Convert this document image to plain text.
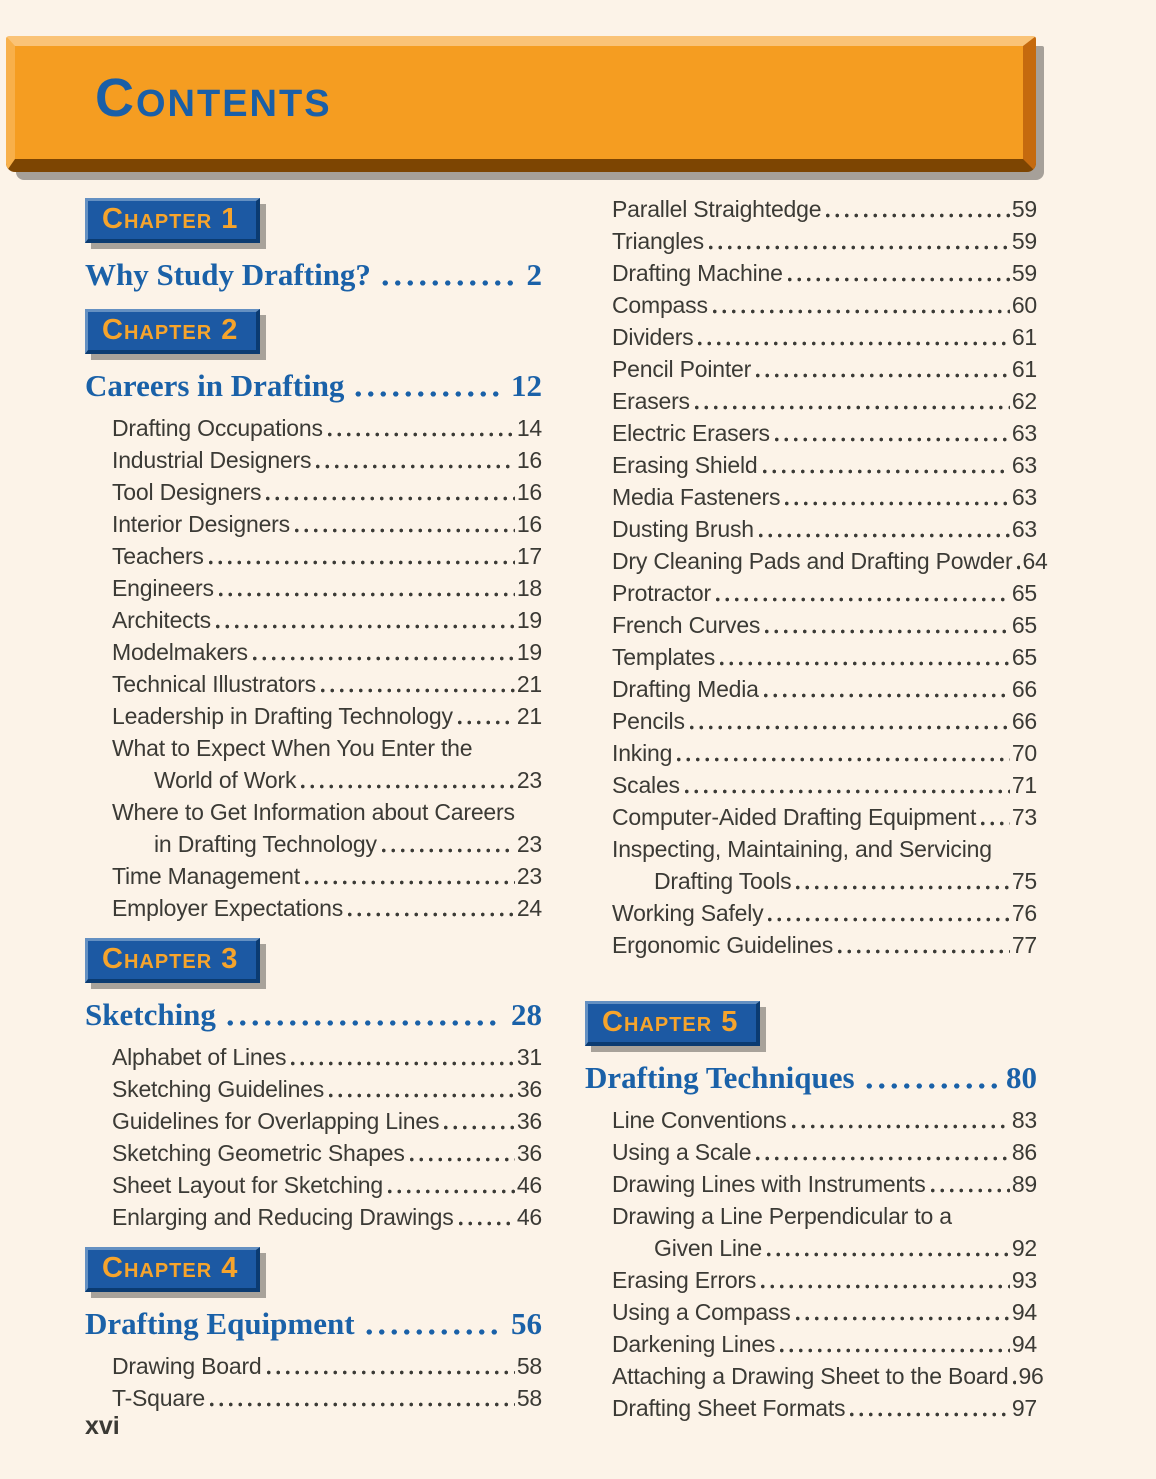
Contents
Chapter 1
Why Study Drafting?	2
Chapter 2
Careers in Drafting	12
Drafting Occupations	14
Industrial Designers	16
Tool Designers	16
Interior Designers	16
Teachers	17
Engineers	18
Architects	19
Modelmakers	19
Technical Illustrators	21
Leadership in Drafting Technology	21
What to Expect When You Enter the
World of Work	23
Where to Get Information about Careers
in Drafting Technology	23
Time Management	23
Employer Expectations	24
Chapter 3
Sketching	28
Alphabet of Lines	31
Sketching Guidelines	36
Guidelines for Overlapping Lines	36
Sketching Geometric Shapes	36
Sheet Layout for Sketching	46
Enlarging and Reducing Drawings	46
Chapter 4
Drafting Equipment	56
Drawing Board	58
T-Square	58
Parallel Straightedge	59
Triangles	59
Drafting Machine	59
Compass	60
Dividers	61
Pencil Pointer	61
Erasers	62
Electric Erasers	63
Erasing Shield	63
Media Fasteners	63
Dusting Brush	63
Dry Cleaning Pads and Drafting Powder 64
Protractor	65
French Curves	65
Templates	65
Drafting Media	66
Pencils	66
Inking	70
Scales	71
Computer-Aided Drafting Equipment 73
Inspecting, Maintaining, and Servicing
Drafting Tools	75
Working Safely	76
Ergonomic Guidelines	77
Chapter 5
Drafting Techniques	80
Line Conventions	83
Using a Scale	86
Drawing Lines with Instruments	89
Drawing a Line Perpendicular to a
Given Line	92
Erasing Errors	93
Using a Compass	94
Darkening Lines	94
Attaching a Drawing Sheet to the Board 96
Drafting Sheet Formats	97
xvi
